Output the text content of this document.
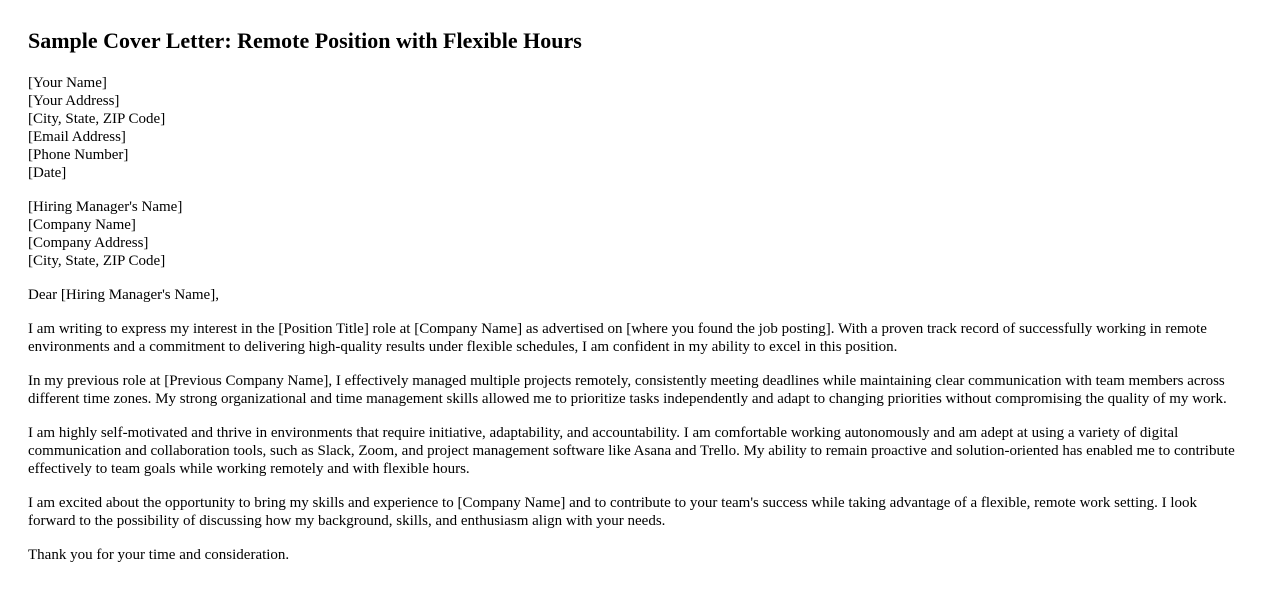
Sample Cover Letter: Remote Position with Flexible Hours
[Your Name]
[Your Address]
[City, State, ZIP Code]
[Email Address]
[Phone Number]
[Date]
[Hiring Manager's Name]
[Company Name]
[Company Address]
[City, State, ZIP Code]

Dear [Hiring Manager's Name],

I am writing to express my interest in the [Position Title] role at [Company Name] as advertised on [where you found the job posting]. With a proven track record of successfully working in remote environments and a commitment to delivering high-quality results under flexible schedules, I am confident in my ability to excel in this position.

In my previous role at [Previous Company Name], I effectively managed multiple projects remotely, consistently meeting deadlines while maintaining clear communication with team members across different time zones. My strong organizational and time management skills allowed me to prioritize tasks independently and adapt to changing priorities without compromising the quality of my work.

I am highly self-motivated and thrive in environments that require initiative, adaptability, and accountability. I am comfortable working autonomously and am adept at using a variety of digital communication and collaboration tools, such as Slack, Zoom, and project management software like Asana and Trello. My ability to remain proactive and solution-oriented has enabled me to contribute effectively to team goals while working remotely and with flexible hours.

I am excited about the opportunity to bring my skills and experience to [Company Name] and to contribute to your team's success while taking advantage of a flexible, remote work setting. I look forward to the possibility of discussing how my background, skills, and enthusiasm align with your needs.

Thank you for your time and consideration.
